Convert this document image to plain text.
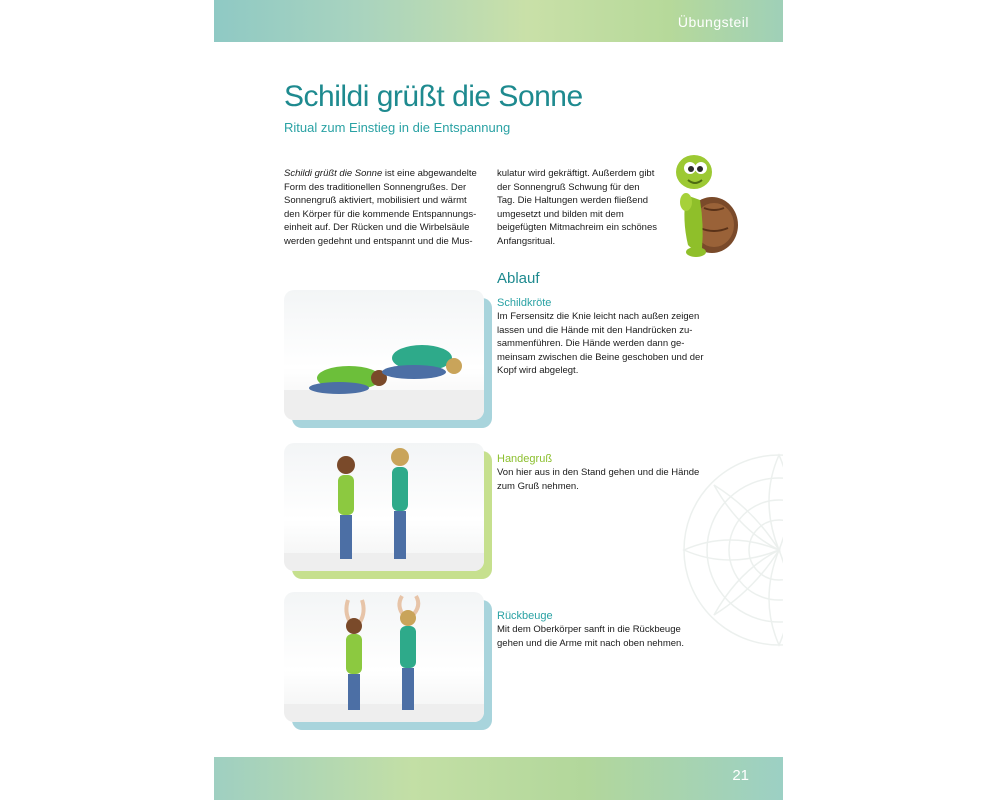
Übungsteil
Schildi grüßt die Sonne
Ritual zum Einstieg in die Entspannung
Schildi grüßt die Sonne ist eine abgewandelte Form des traditionellen Sonnengrußes. Der Sonnengruß aktiviert, mobilisiert und wärmt den Körper für die kommende Entspannungs-einheit auf. Der Rücken und die Wirbelsäule werden gedehnt und entspannt und die Mus-
kulatur wird gekräftigt. Außerdem gibt der Sonnengruß Schwung für den Tag. Die Haltungen werden fließend umgesetzt und bilden mit dem beigefügten Mitmachreim ein schönes Anfangsritual.
Ablauf
Schildkröte
Im Fersensitz die Knie leicht nach außen zeigen lassen und die Hände mit den Handrücken zu-sammenführen. Die Hände werden dann ge-meinsam zwischen die Beine geschoben und der Kopf wird abgelegt.
Handegruß
Von hier aus in den Stand gehen und die Hände zum Gruß nehmen.
Rückbeuge
Mit dem Oberkörper sanft in die Rückbeuge gehen und die Arme mit nach oben nehmen.
21
